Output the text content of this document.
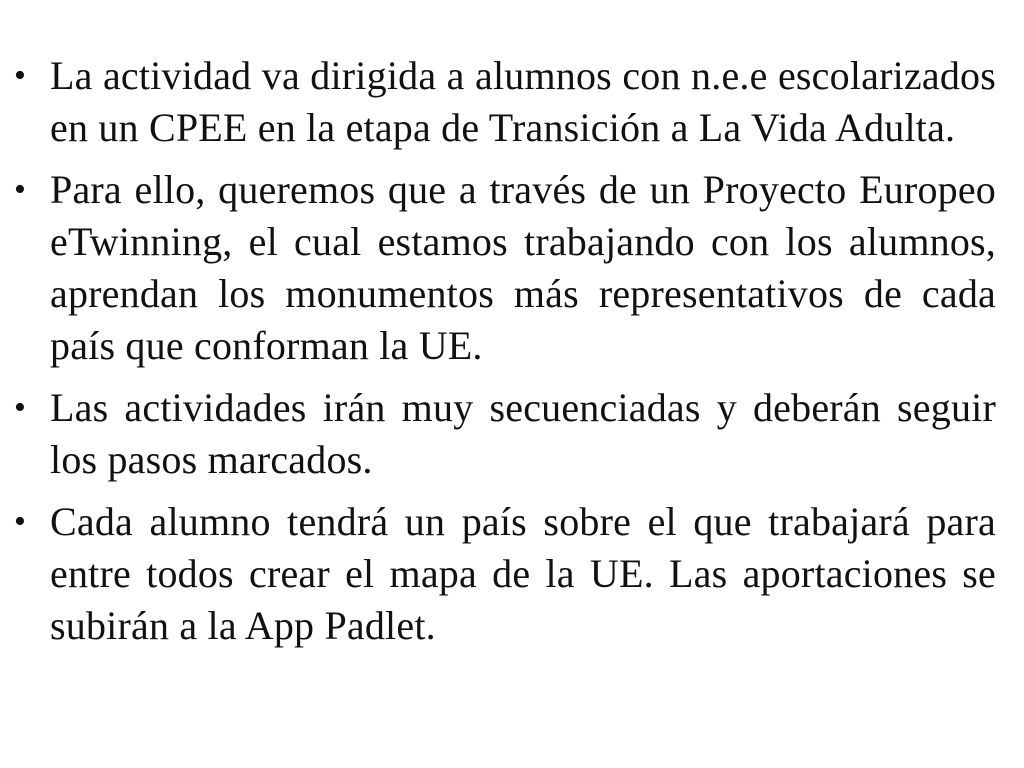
• La actividad va dirigida a alumnos con n.e.e escolarizados en un CPEE en la etapa de Transición a La Vida Adulta.
• Para ello, queremos que a través de un Proyecto Europeo eTwinning, el cual estamos trabajando con los alumnos, aprendan los monumentos más representativos de cada país que conforman la UE.
• Las actividades irán muy secuenciadas y deberán seguir los pasos marcados.
• Cada alumno tendrá un país sobre el que trabajará para entre todos crear el mapa de la UE. Las aportaciones se subirán a la App Padlet.
